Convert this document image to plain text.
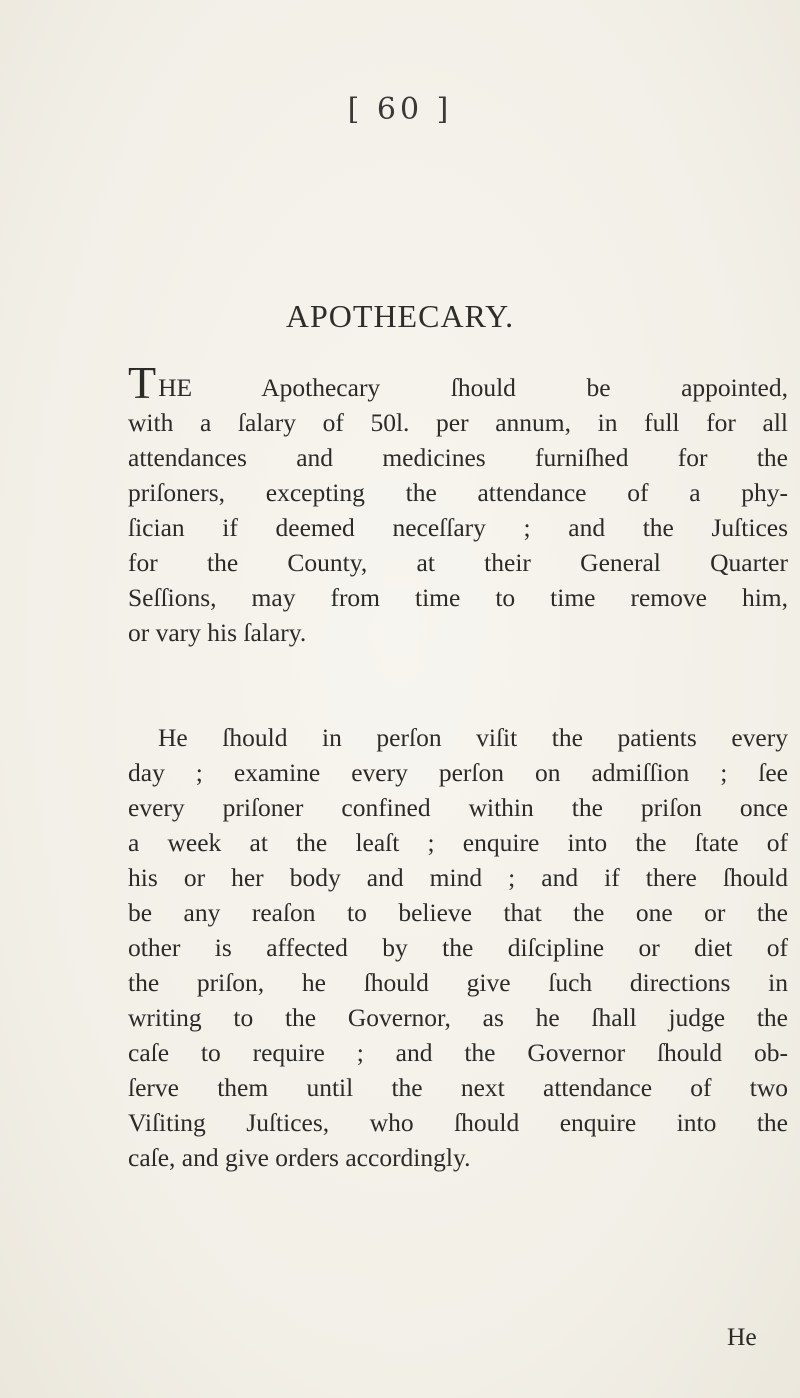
[ 60 ]
APOTHECARY.
THE Apothecary ſhould be appointed,
with a ſalary of 50l. per annum, in full for all
attendances and medicines furniſhed for the
priſoners, excepting the attendance of a phy-
ſician if deemed neceſſary ; and the Juſtices
for the County, at their General Quarter
Seſſions, may from time to time remove him,
or vary his ſalary.
He ſhould in perſon viſit the patients every
day ; examine every perſon on admiſſion ; ſee
every priſoner confined within the priſon once
a week at the leaſt ; enquire into the ſtate of
his or her body and mind ; and if there ſhould
be any reaſon to believe that the one or the
other is affected by the diſcipline or diet of
the priſon, he ſhould give ſuch directions in
writing to the Governor, as he ſhall judge the
caſe to require ; and the Governor ſhould ob-
ſerve them until the next attendance of two
Viſiting Juſtices, who ſhould enquire into the
caſe, and give orders accordingly.
He
